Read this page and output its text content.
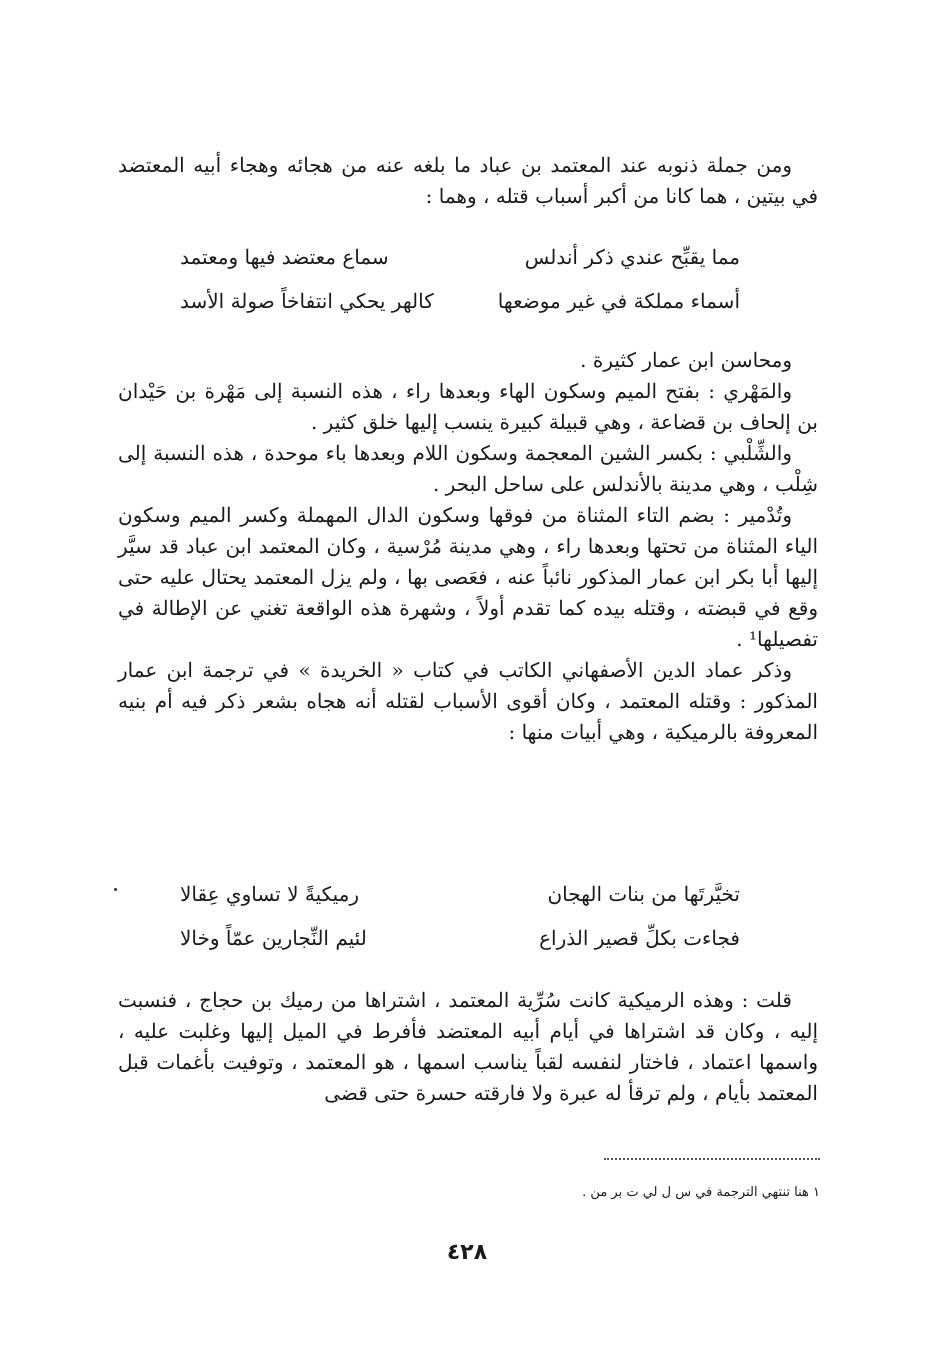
ومن جملة ذنوبه عند المعتمد بن عباد ما بلغه عنه من هجائه وهجاء أبيه المعتضد في بيتين ، هما كانا من أكبر أسباب قتله ، وهما :

مما يقبِّح عندي ذكر أندلس
سماع معتضد فيها ومعتمد
أسماء مملكة في غير موضعها
كالهر يحكي انتفاخاً صولة الأسد

ومحاسن ابن عمار كثيرة .

والمَهْري : بفتح الميم وسكون الهاء وبعدها راء ، هذه النسبة إلى مَهْرة بن حَيْدان بن إلحاف بن قضاعة ، وهي قبيلة كبيرة ينسب إليها خلق كثير .

والشِّلْبي : بكسر الشين المعجمة وسكون اللام وبعدها باء موحدة ، هذه النسبة إلى شِلْب ، وهي مدينة بالأندلس على ساحل البحر .

وتُدْمير : بضم التاء المثناة من فوقها وسكون الدال المهملة وكسر الميم وسكون الياء المثناة من تحتها وبعدها راء ، وهي مدينة مُرْسية ، وكان المعتمد ابن عباد قد سيَّر إليها أبا بكر ابن عمار المذكور نائباً عنه ، فعَصى بها ، ولم يزل المعتمد يحتال عليه حتى وقع في قبضته ، وقتله بيده كما تقدم أولاً ، وشهرة هذه الواقعة تغني عن الإطالة في تفصيلها¹ .

وذكر عماد الدين الأصفهاني الكاتب في كتاب « الخريدة » في ترجمة ابن عمار المذكور : وقتله المعتمد ، وكان أقوى الأسباب لقتله أنه هجاه بشعر ذكر فيه أم بنيه المعروفة بالرميكية ، وهي أبيات منها :

تخيَّرتَها من بنات الهجان
رميكيةً لا تساوي عِقالا
فجاءت بكلِّ قصير الذراع
لئيم النِّجارين عمّاً وخالا

قلت : وهذه الرميكية كانت سُرِّية المعتمد ، اشتراها من رميك بن حجاج ، فنسبت إليه ، وكان قد اشتراها في أيام أبيه المعتضد فأفرط في الميل إليها وغلبت عليه ، واسمها اعتماد ، فاختار لنفسه لقباً يناسب اسمها ، هو المعتمد ، وتوفيت بأغمات قبل المعتمد بأيام ، ولم ترقأ له عبرة ولا فارقته حسرة حتى قضى

١ هنا تنتهي الترجمة في س ل لي ت بر من .
٤٢٨
